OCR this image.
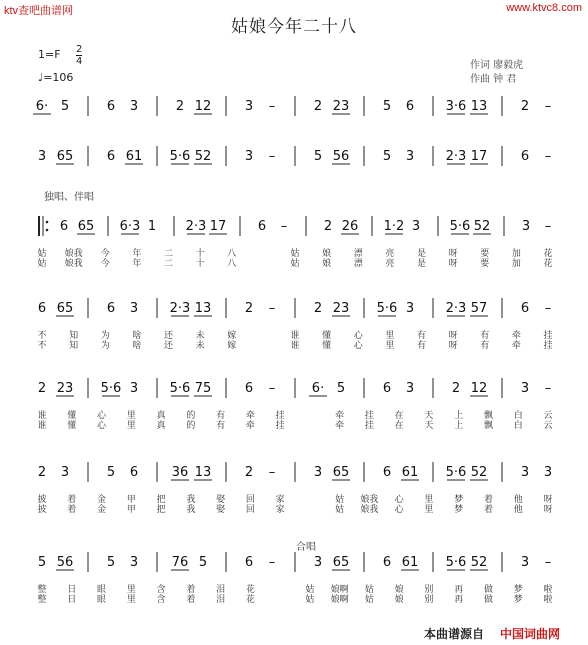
ktv查吧曲谱网	www.ktvc8.com
姑娘今年二十八
$1=F \frac{2}{4}$
♩=106
作词 廖毅虎
作曲 钟 君
独唱、伴唱
合唱
6· 5	6 3	2 12	3 –	2 23	5 6 3·6 13	2 –
3 65	6 61 5·6 52	3 –	5 56	5 3 2·3 17	6 –
6 65 6·3 1 2·3 17 6 –	2 26 1·2 3 5·6 52 3 –
姑 娘我 今	年	二	十	八	姑	娘	漂	亮	是	呀	要	加	花
姑 娘我 今	年	二	十	八	姑	娘	漂	亮	是	呀	要	加	花
6 65	6 3 2·3 13	2 –	2 23 5·6 3 2·3 57	6 –
不	知	为	啥	还	未	嫁	谁	懂	心	里	有	呀	有	牵	挂
不	知	为	啥	还	未	嫁	谁	懂	心	里	有	呀	有	牵	挂
2 23 5·6 3 5·6 75	6 –	6· 5	6 3	2 12	3 –
谁 懂 心 里 真 的 有 牵 挂	牵 挂 在 天 上 飘 白 云
谁 懂 心 里 真 的 有 牵 挂	牵 挂 在 天 上 飘 白 云
2 3	5 6	36 13	2 –	3 65	6 61 5·6 52	3 3
披 着 金 甲 把 我 娶 回 家	姑 娘我 心 里 梦 着 他 呀
披 着 金 甲 把 我 娶 回 家	姑 娘我 心 里 梦 着 他 呀
5 56	5 3	76 5	6 –	3 65	6 61 5·6 52	3 –
整 日 眼 里 含 着 泪 花	姑 娘啊 姑 娘 别 再 做 梦 啦
整 日 眼 里 含 着 泪 花	姑 娘啊 姑 娘 别 再 做 梦 啦
本曲谱源自 中国词曲网
